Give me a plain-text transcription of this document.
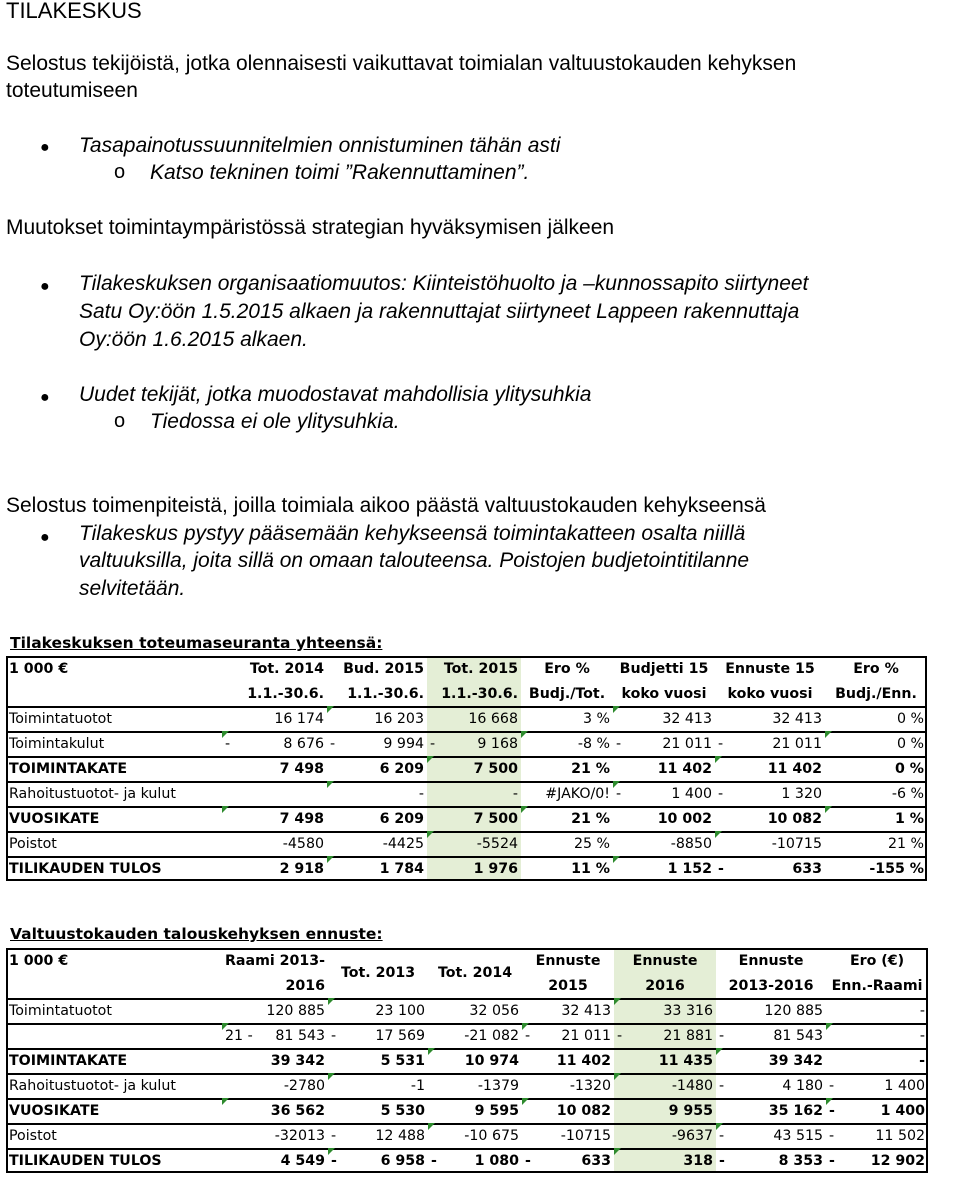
TILAKESKUS
Selostus tekijöistä, jotka olennaisesti vaikuttavat toimialan valtuustokauden kehyksen
toteutumiseen
● Tasapainotussuunnitelmien onnistuminen tähän asti
o Katso tekninen toimi ”Rakennuttaminen”.
Muutokset toimintaympäristössä strategian hyväksymisen jälkeen
● Tilakeskuksen organisaatiomuutos: Kiinteistöhuolto ja –kunnossapito siirtyneet
Satu Oy:öön 1.5.2015 alkaen ja rakennuttajat siirtyneet Lappeen rakennuttaja
Oy:öön 1.6.2015 alkaen.
● Uudet tekijät, jotka muodostavat mahdollisia ylitysuhkia
o Tiedossa ei ole ylitysuhkia.
Selostus toimenpiteistä, joilla toimiala aikoo päästä valtuustokauden kehykseensä
● Tilakeskus pystyy pääsemään kehykseensä toimintakatteen osalta niillä
valtuuksilla, joita sillä on omaan talouteensa. Poistojen budjetointitilanne
selvitetään.
Tilakeskuksen toteumaseuranta yhteensä:
1 000 €	Tot. 2014	Bud. 2015	Tot. 2015	Ero %	Budjetti 15	Ennuste 15	Ero %
	1.1.-30.6.	1.1.-30.6.	1.1.-30.6.	Budj./Tot.	koko vuosi	koko vuosi	Budj./Enn.
Toimintatuotot	16 174	16 203	16 668	3 %	32 413	32 413	0 %
Toimintakulut	- 8 676	- 9 994	- 9 168	-8 %	- 21 011	- 21 011	0 %
TOIMINTAKATE	7 498	6 209	7 500	21 %	11 402	11 402	0 %
Rahoitustuotot- ja kulut		-	-	#JAKO/0!	- 1 400	- 1 320	-6 %
VUOSIKATE	7 498	6 209	7 500	21 %	10 002	10 082	1 %
Poistot	-4580	-4425	-5524	25 %	-8850	-10715	21 %
TILIKAUDEN TULOS	2 918	1 784	1 976	11 %	1 152	- 633	-155 %
Valtuustokauden talouskehyksen ennuste:
1 000 €	Raami 2013-	Tot. 2013	Tot. 2014	Ennuste	Ennuste	Ennuste	Ero (€)
	2016			2015	2016	2013-2016	Enn.-Raami
Toimintatuotot	120 885	23 100	32 056	32 413	33 316	120 885	-

	21 - 81 543	- 17 569	-21 082	- 21 011	- 21 881	- 81 543	-
TOIMINTAKATE	39 342	5 531	10 974	11 402	11 435	39 342	-
Rahoitustuotot- ja kulut	-2780	-1	-1379	-1320	-1480	- 4 180	- 1 400
VUOSIKATE	36 562	5 530	9 595	10 082	9 955	35 162	- 1 400
Poistot	-32013	- 12 488	-10 675	-10715	-9637	- 43 515	- 11 502
TILIKAUDEN TULOS	4 549	- 6 958	- 1 080	- 633	318	- 8 353	- 12 902
